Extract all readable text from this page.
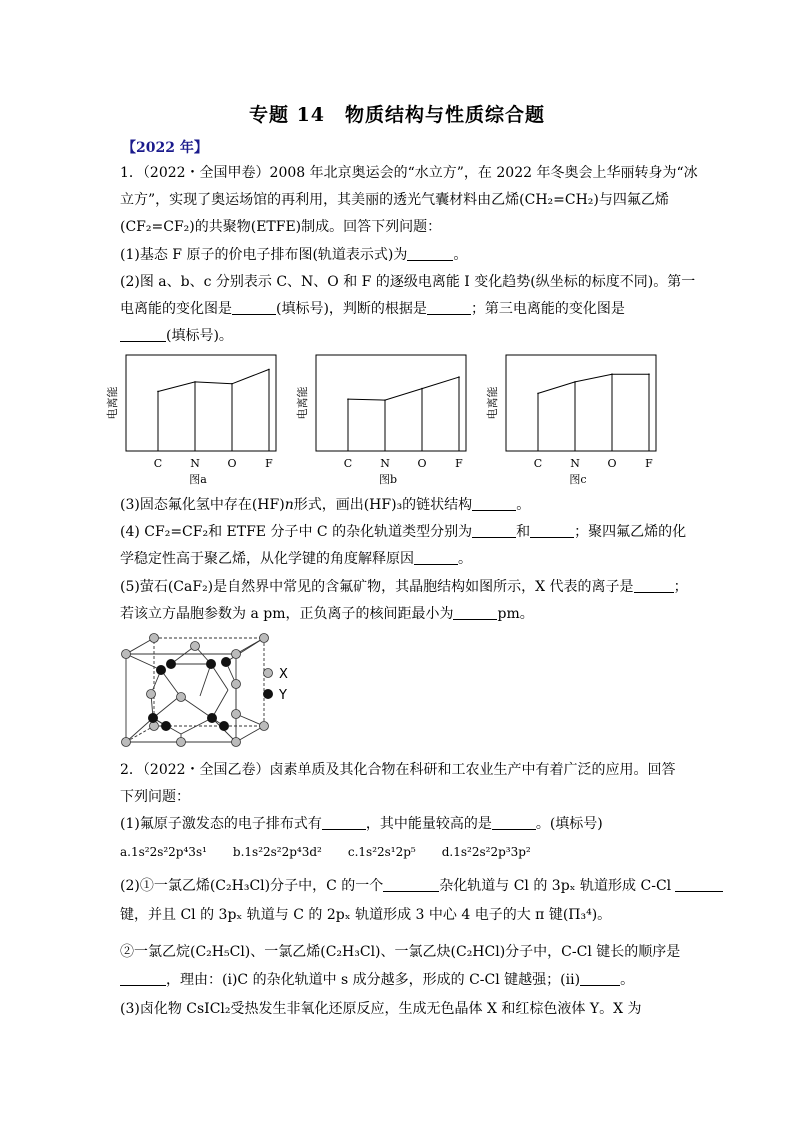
专题 14　物质结构与性质综合题
【2022 年】
1．（2022・全国甲卷）2008 年北京奥运会的“水立方”，在 2022 年冬奥会上华丽转身为“冰
立方”，实现了奥运场馆的再利用，其美丽的透光气囊材料由乙烯(CH₂=CH₂)与四氟乙烯
(CF₂=CF₂)的共聚物(ETFE)制成。回答下列问题：
(1)基态 F 原子的价电子排布图(轨道表示式)为	。
(2)图 a、b、c 分别表示 C、N、O 和 F 的逐级电离能 I 变化趋势(纵坐标的标度不同)。第一
电离能的变化图是	(填标号)，判断的根据是	；第三电离能的变化图是
(填标号)。
C	N	O	F
图a
电离能
C	N	O	F
图b
电离能
C	N	O	F
图c
电离能
(3)固态氟化氢中存在(HF)n形式，画出(HF)₃的链状结构	。
(4) CF₂=CF₂和 ETFE 分子中 C 的杂化轨道类型分别为	和	；聚四氟乙烯的化
学稳定性高于聚乙烯，从化学键的角度解释原因	。
(5)萤石(CaF₂)是自然界中常见的含氟矿物，其晶胞结构如图所示，X 代表的离子是	；
若该立方晶胞参数为 a pm，正负离子的核间距最小为	pm。
X
Y
2．（2022・全国乙卷）卤素单质及其化合物在科研和工农业生产中有着广泛的应用。回答
下列问题：
(1)氟原子激发态的电子排布式有	，其中能量较高的是	。(填标号)
a.1s²2s²2p⁴3s¹ b.1s²2s²2p⁴3d² c.1s²2s¹2p⁵ d.1s²2s²2p³3p²
(2)①一氯乙烯(C₂H₃Cl)分子中，C 的一个	杂化轨道与 Cl 的 3pₓ 轨道形成 C-Cl
键，并且 Cl 的 3pₓ 轨道与 C 的 2pₓ 轨道形成 3 中心 4 电子的大 π 键(Π₃⁴)。
②一氯乙烷(C₂H₅Cl)、一氯乙烯(C₂H₃Cl)、一氯乙炔(C₂HCl)分子中，C-Cl 键长的顺序是
，理由：(ⅰ)C 的杂化轨道中 s 成分越多，形成的 C-Cl 键越强；(ⅱ)	。
(3)卤化物 CsICl₂受热发生非氧化还原反应，生成无色晶体 X 和红棕色液体 Y。X 为
